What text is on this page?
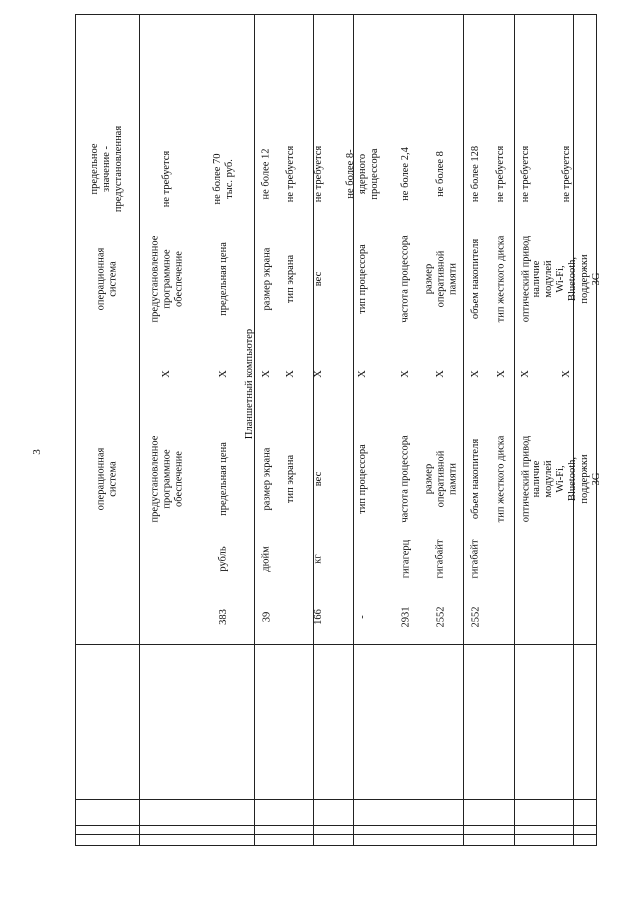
3
предельное значение - предустановленная
операционная система
операционная система
не требуется
предустановленное программное обеспечение
X
предустановленное программное обеспечение
не более 70 тыс. руб.
предельная цена
X
предельная цена
рубль
383
Планшетный компьютер
не более 12
размер экрана
X
размер экрана
дюйм
39
не требуется
тип экрана
X
тип экрана
не требуется
вес
X
вес
кг
166
не более 8-ядерного процессора
тип процессора
X
тип процессора
-
не более 2,4
частота процессора
X
частота процессора
гигагерц
2931
не более 8
размер оперативной памяти
X
размер оперативной памяти
гигабайт
2552
не более 128
объем накопителя
X
объем накопителя
гигабайт
2552
не требуется
тип жесткого диска
X
тип жесткого диска
не требуется
оптический привод
X
оптический привод
не требуется
наличие модулей Wi-Fi, Bluetooth, поддержки 3G
X
наличие модулей Wi-Fi, Bluetooth, поддержки 3G
